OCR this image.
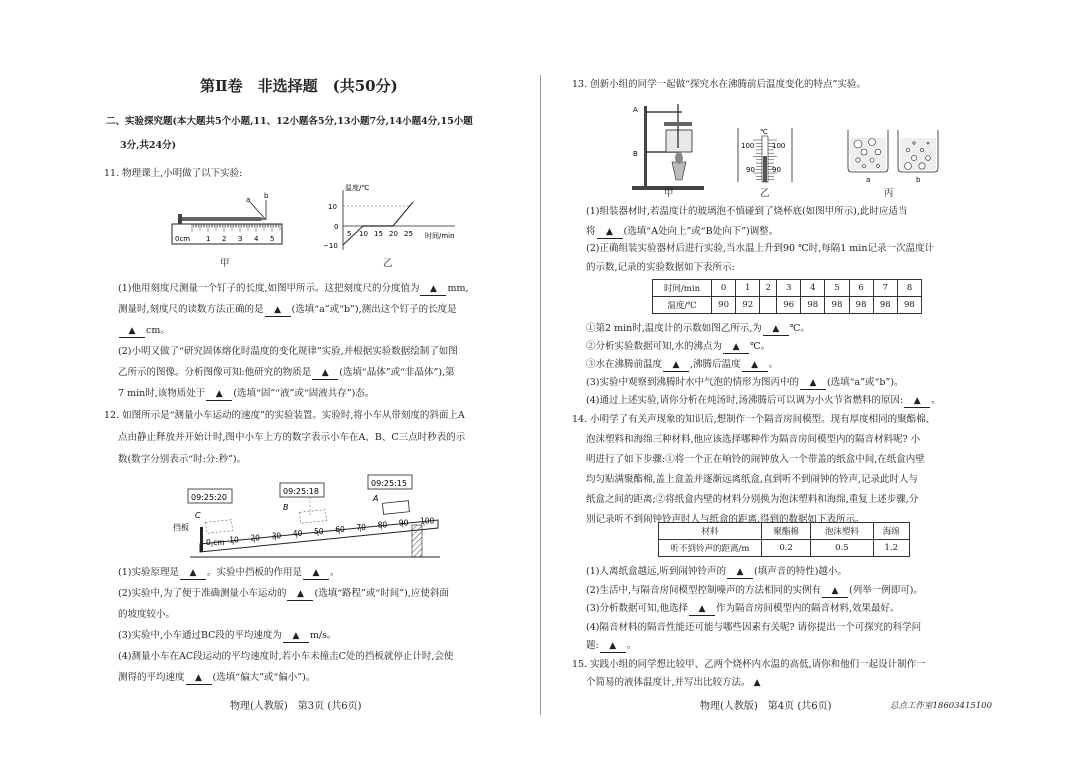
第Ⅱ卷　非选择题　(共50分)
二、实验探究题(本大题共5个小题,11、12小题各5分,13小题7分,14小题4分,15小题
3分,共24分)
11. 物理课上,小明做了以下实验:
0cm 1 2 3 4 5
a b
甲
温度/℃
时间/min
10
0
−10
5 10 15 20 25
乙
(1)他用刻度尺测量一个钉子的长度,如图甲所示。这把刻度尺的分度值为 ▲ mm,
测量时,刻度尺的读数方法正确的是 ▲ (选填“a”或“b”),测出这个钉子的长度是
▲ cm。
(2)小明又做了“研究固体熔化时温度的变化规律”实验,并根据实验数据绘制了如图
乙所示的图像。分析图像可知:他研究的物质是 ▲ (选填“晶体”或“非晶体”),第
7 min时,该物质处于 ▲ (选填“固”“液”或“固液共存”)态。
12. 如图所示是“测量小车运动的速度”的实验装置。实验时,将小车从带刻度的斜面上A
点由静止释放并开始计时,图中小车上方的数字表示小车在A、B、C三点时秒表的示
数(数字分别表示“时:分:秒”)。
09:25:20
09:25:18
09:25:15
0 cm 10 20 30 40 50 60 70 80 90 100
C
B
A
挡板
(1)实验原理是 ▲ 。实验中挡板的作用是 ▲ 。
(2)实验中,为了便于准确测量小车运动的 ▲ (选填“路程”或“时间”),应使斜面
的坡度较小。
(3)实验中,小车通过BC段的平均速度为 ▲ m/s。
(4)测量小车在AC段运动的平均速度时,若小车未撞击C处的挡板就停止计时,会使
测得的平均速度 ▲ (选填“偏大”或“偏小”)。
物理(人教版)　第3页 (共6页)
13. 创新小组的同学一起做“探究水在沸腾前后温度变化的特点”实验。
A
B
甲
℃
100	100
90 90
乙
a	b
丙
(1)组装器材时,若温度计的玻璃泡不慎碰到了烧杯底(如图甲所示),此时应适当
将 ▲ (选填“A处向上”或“B处向下”)调整。
(2)正确组装实验器材后进行实验,当水温上升到90 ℃时,每隔1 min记录一次温度计
的示数,记录的实验数据如下表所示:
时间/min	0	1	2	3	4	5	6	7	8
温度/℃	90	92		96	98	98	98	98	98
①第2 min时,温度计的示数如图乙所示,为 ▲ ℃。
②分析实验数据可知,水的沸点为 ▲ ℃。
③水在沸腾前温度 ▲ ,沸腾后温度 ▲ 。
(3)实验中观察到沸腾时水中气泡的情形为图丙中的 ▲ (选填“a”或“b”)。
(4)通过上述实验,请你分析在炖汤时,汤沸腾后可以调为小火节省燃料的原因: ▲ 。
14. 小明学了有关声现象的知识后,想制作一个隔音房间模型。现有厚度相同的聚酯棉、
泡沫塑料和海绵三种材料,他应该选择哪种作为隔音房间模型内的隔音材料呢? 小
明进行了如下步骤:①将一个正在响铃的闹钟放入一个带盖的纸盒中间,在纸盒内壁
均匀贴满聚酯棉,盖上盒盖并逐渐远离纸盒,直到听不到闹钟的铃声,记录此时人与
纸盒之间的距离;②将纸盒内壁的材料分别换为泡沫塑料和海绵,重复上述步骤,分
别记录听不到闹钟铃声时人与纸盒的距离,得到的数据如下表所示。
材料	聚酯棉	泡沫塑料	海绵
听不到铃声的距离/m	0.2	0.5	1.2
(1)人离纸盒越远,听到闹钟铃声的 ▲ (填声音的特性)越小。
(2)生活中,与隔音房间模型控制噪声的方法相同的实例有 ▲ (列举一例即可)。
(3)分析数据可知,他选择 ▲ 作为隔音房间模型内的隔音材料,效果最好。
(4)隔音材料的隔音性能还可能与哪些因素有关呢? 请你提出一个可探究的科学问
题: ▲ 。
15. 实践小组的同学想比较甲、乙两个烧杯内水温的高低,请你和他们一起设计制作一
个简易的液体温度计,并写出比较方法。 ▲
物理(人教版)　第4页 (共6页)	总点工作室18603415100
